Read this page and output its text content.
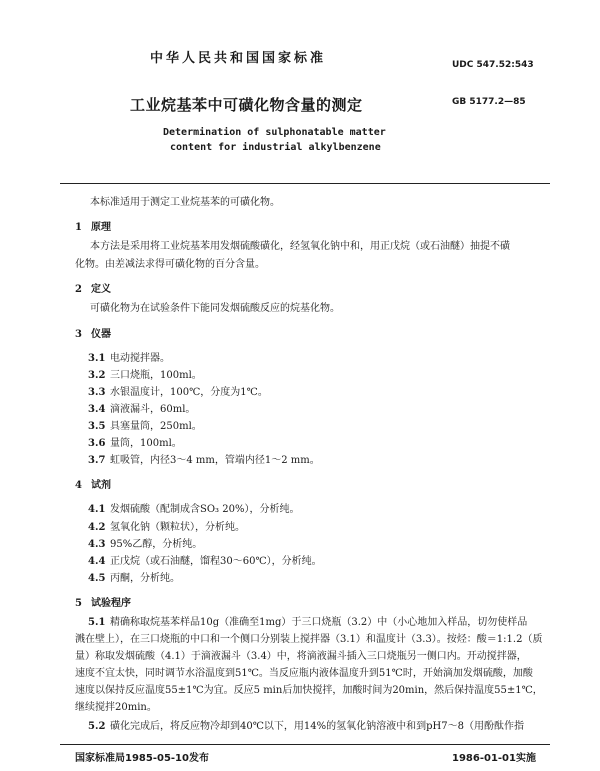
中华人民共和国国家标准	UDC 547.52:543
工业烷基苯中可磺化物含量的测定	GB 5177.2—85
Determination of sulphonatable matter
content for industrial alkylbenzene
本标准适用于测定工业烷基苯的可磺化物。
1 原理
本方法是采用将工业烷基苯用发烟硫酸磺化，经氢氧化钠中和，用正戊烷（或石油醚）抽提不磺
化物。由差减法求得可磺化物的百分含量。
2 定义
可磺化物为在试验条件下能同发烟硫酸反应的烷基化物。
3 仪器
3.1 电动搅拌器。
3.2 三口烧瓶，100ml。
3.3 水银温度计，100℃，分度为1℃。
3.4 滴液漏斗，60ml。
3.5 具塞量筒，250ml。
3.6 量筒，100ml。
3.7 虹吸管，内径3～4 mm，管端内径1～2 mm。
4 试剂
4.1 发烟硫酸（配制成含SO₃ 20%），分析纯。
4.2 氢氧化钠（颗粒状），分析纯。
4.3 95%乙醇，分析纯。
4.4 正戊烷（或石油醚，馏程30～60℃），分析纯。
4.5 丙酮，分析纯。
5 试验程序
5.1 精确称取烷基苯样品10g（准确至1mg）于三口烧瓶（3.2）中（小心地加入样品，切勿使样品
溅在壁上），在三口烧瓶的中口和一个侧口分别装上搅拌器（3.1）和温度计（3.3）。按烃：酸＝1:1.2（质
量）称取发烟硫酸（4.1）于滴液漏斗（3.4）中，将滴液漏斗插入三口烧瓶另一侧口内。开动搅拌器，
速度不宜太快，同时调节水浴温度到51℃。当反应瓶内液体温度升到51℃时，开始滴加发烟硫酸，加酸
速度以保持反应温度55±1℃为宜。反应5 min后加快搅拌，加酸时间为20min，然后保持温度55±1℃，
继续搅拌20min。
5.2 磺化完成后，将反应物冷却到40℃以下，用14%的氢氧化钠溶液中和到pH7～8（用酚酞作指
国家标准局1985-05-10发布	1986-01-01实施
